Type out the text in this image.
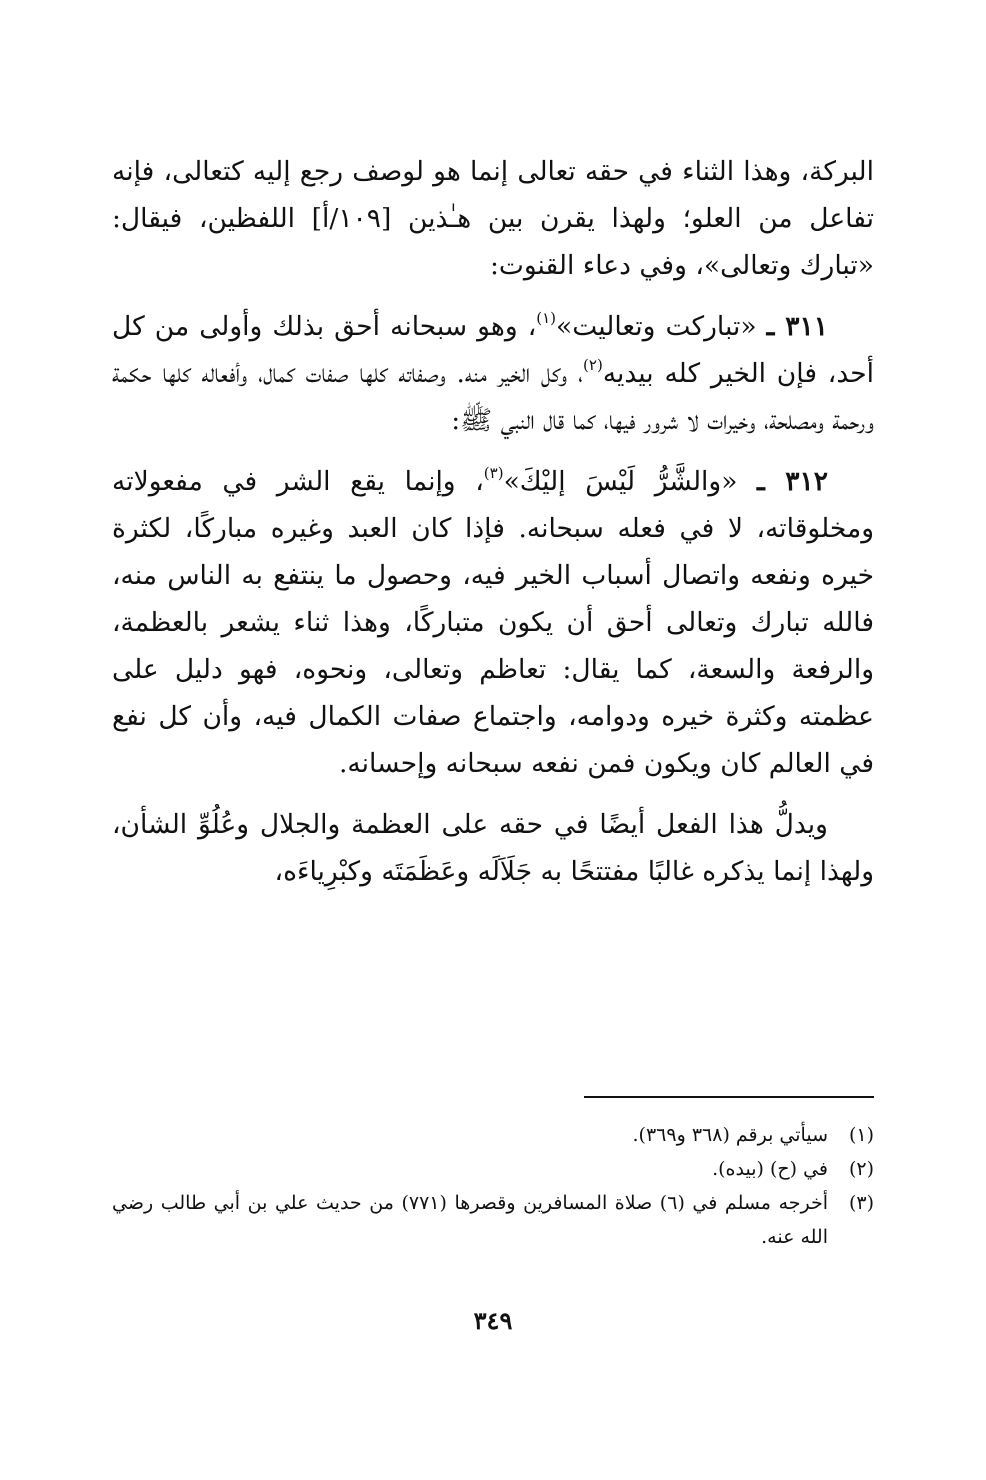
البركة، وهذا الثناء في حقه تعالى إنما هو لوصف رجع إليه كتعالى، فإنه تفاعل من العلو؛ ولهذا يقرن بين هـٰذين [١٠٩/أ] اللفظين، فيقال: «تبارك وتعالى»، وفي دعاء القنوت:

٣١١ ـ «تباركت وتعاليت»$^{(١)}$، وهو سبحانه أحق بذلك وأولى من كل أحد، فإن الخير كله بيديه$^{(٢)}$، وكل الخير منه. وصفاته كلها صفات كمال، وأفعاله كلها حكمة ورحمة ومصلحة، وخيرات لا شرور فيها، كما قال النبي ﷺ:

٣١٢ ـ «والشَّرُّ لَيْسَ إليْكَ»$^{(٣)}$، وإنما يقع الشر في مفعولاته ومخلوقاته، لا في فعله سبحانه. فإذا كان العبد وغيره مباركًا، لكثرة خيره ونفعه واتصال أسباب الخير فيه، وحصول ما ينتفع به الناس منه، فالله تبارك وتعالى أحق أن يكون متباركًا، وهذا ثناء يشعر بالعظمة، والرفعة والسعة، كما يقال: تعاظم وتعالى، ونحوه، فهو دليل على عظمته وكثرة خيره ودوامه، واجتماع صفات الكمال فيه، وأن كل نفع في العالم كان ويكون فمن نفعه سبحانه وإحسانه.

ويدلُّ هذا الفعل أيضًا في حقه على العظمة والجلال وعُلُوِّ الشأن، ولهذا إنما يذكره غالبًا مفتتحًا به جَلَاَلَه وعَظَمَتَه وكبْرِياءَه،

(١)
سيأتي برقم (٣٦٨ و٣٦٩).
(٢)
في (ح) (بيده).
(٣)
أخرجه مسلم في (٦) صلاة المسافرين وقصرها (٧٧١) من حديث علي بن أبي طالب رضي الله عنه.
٣٤٩
